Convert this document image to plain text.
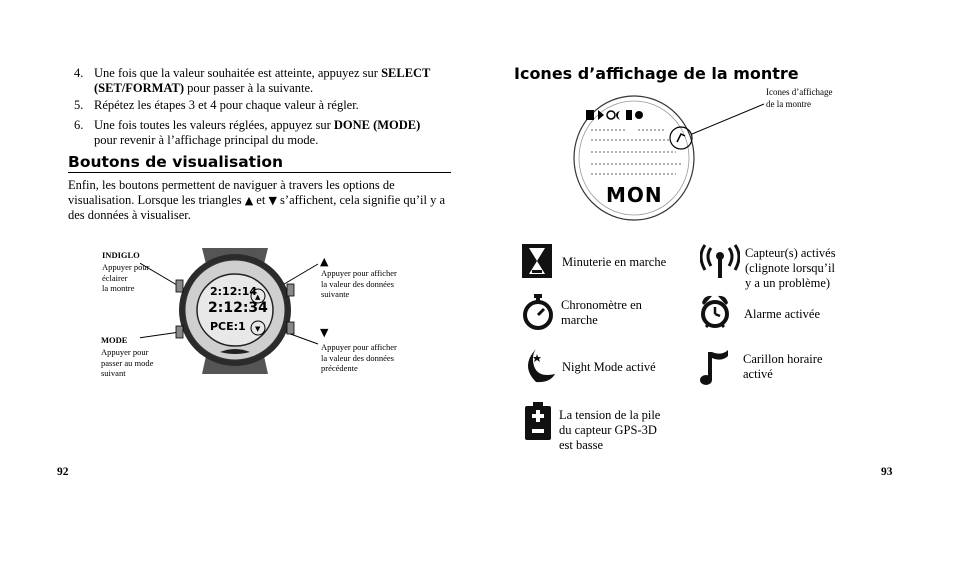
4. Une fois que la valeur souhaitée est atteinte, appuyez sur SELECT (SET/FORMAT) pour passer à la suivante.
5. Répétez les étapes 3 et 4 pour chaque valeur à régler.
6. Une fois toutes les valeurs réglées, appuyez sur DONE (MODE) pour revenir à l’affichage principal du mode.
Boutons de visualisation
Enfin, les boutons permettent de naviguer à travers les options de visualisation. Lorsque les triangles ▲ et ▼ s’affichent, cela signifie qu’il y a des données à visualiser.
INDIGLO
Appuyer pour
éclairer
la montre
MODE
Appuyer pour
passer au mode
suivant
▲
Appuyer pour afficher
la valeur des données
suivante
▼
Appuyer pour afficher
la valeur des données
précédente
▲
▼
2:12:14
2:12:34
PCE:1
92
Icones d’affichage de la montre
Icones d’affichage
de la montre
MON
Minuterie en marche
Capteur(s) activés
(clignote lorsqu’il
y a un problème)
Chronomètre en
marche	Alarme activée
Night Mode activé
Carillon horaire
activé
La tension de la pile
du capteur GPS-3D
est basse
93
